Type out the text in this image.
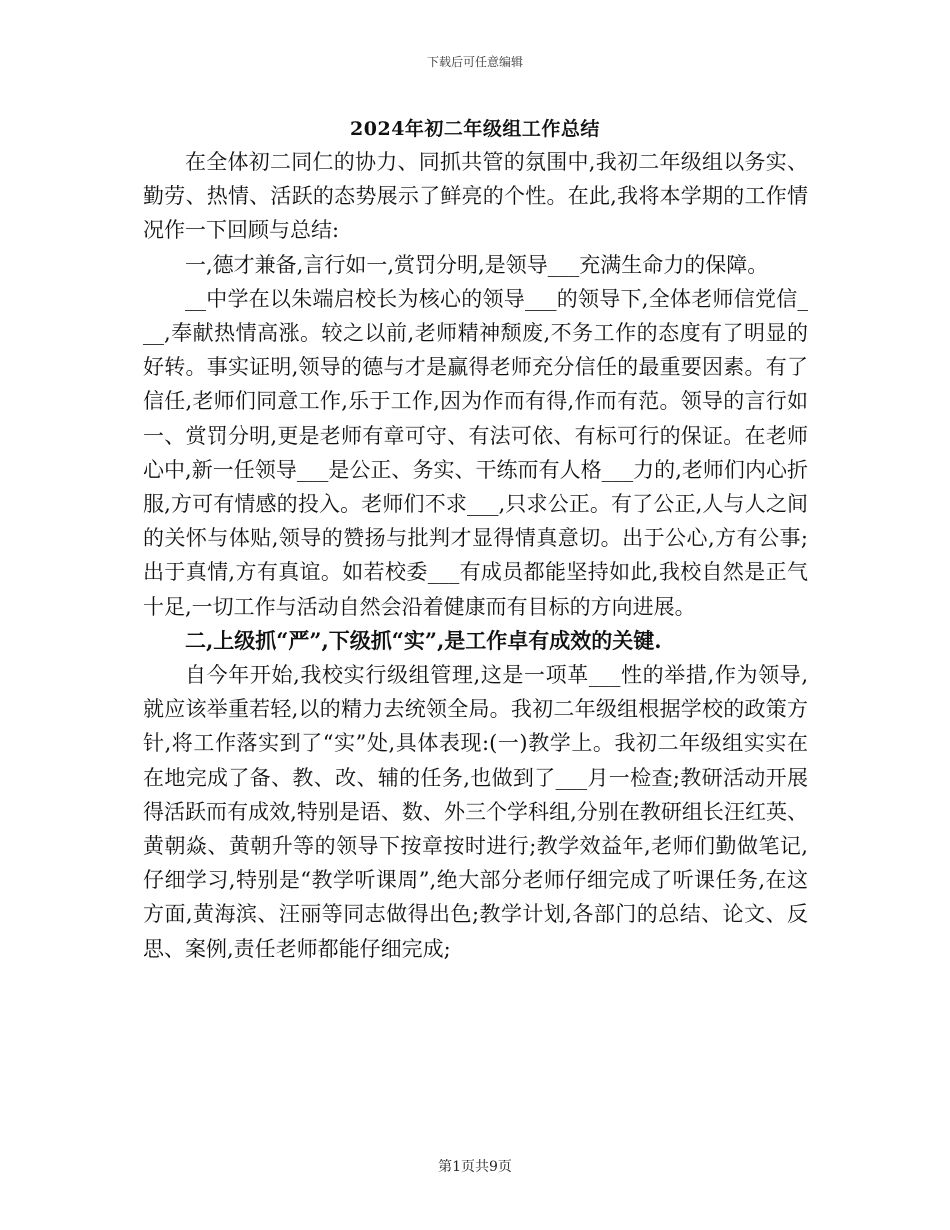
下载后可任意编辑
2024年初二年级组工作总结

在全体初二同仁的协力、同抓共管的氛围中,我初二年级组以务实、勤劳、热情、活跃的态势展示了鲜亮的个性。在此,我将本学期的工作情况作一下回顾与总结:

一,德才兼备,言行如一,赏罚分明,是领导___充满生命力的保障。

__中学在以朱端启校长为核心的领导___的领导下,全体老师信党信___,奉献热情高涨。较之以前,老师精神颓废,不务工作的态度有了明显的好转。事实证明,领导的德与才是赢得老师充分信任的最重要因素。有了信任,老师们同意工作,乐于工作,因为作而有得,作而有范。领导的言行如一、赏罚分明,更是老师有章可守、有法可依、有标可行的保证。在老师心中,新一任领导___是公正、务实、干练而有人格___力的,老师们内心折服,方可有情感的投入。老师们不求___,只求公正。有了公正,人与人之间的关怀与体贴,领导的赞扬与批判才显得情真意切。出于公心,方有公事;出于真情,方有真谊。如若校委___有成员都能坚持如此,我校自然是正气十足,一切工作与活动自然会沿着健康而有目标的方向进展。

二,上级抓“严”,下级抓“实”,是工作卓有成效的关键.

自今年开始,我校实行级组管理,这是一项革___性的举措,作为领导,就应该举重若轻,以的精力去统领全局。我初二年级组根据学校的政策方针,将工作落实到了“实”处,具体表现:(一)教学上。我初二年级组实实在在地完成了备、教、改、辅的任务,也做到了___月一检查;教研活动开展得活跃而有成效,特别是语、数、外三个学科组,分别在教研组长汪红英、黄朝焱、黄朝升等的领导下按章按时进行;教学效益年,老师们勤做笔记,仔细学习,特别是“教学听课周”,绝大部分老师仔细完成了听课任务,在这方面,黄海滨、汪丽等同志做得出色;教学计划,各部门的总结、论文、反思、案例,责任老师都能仔细完成;

第1页共9页
